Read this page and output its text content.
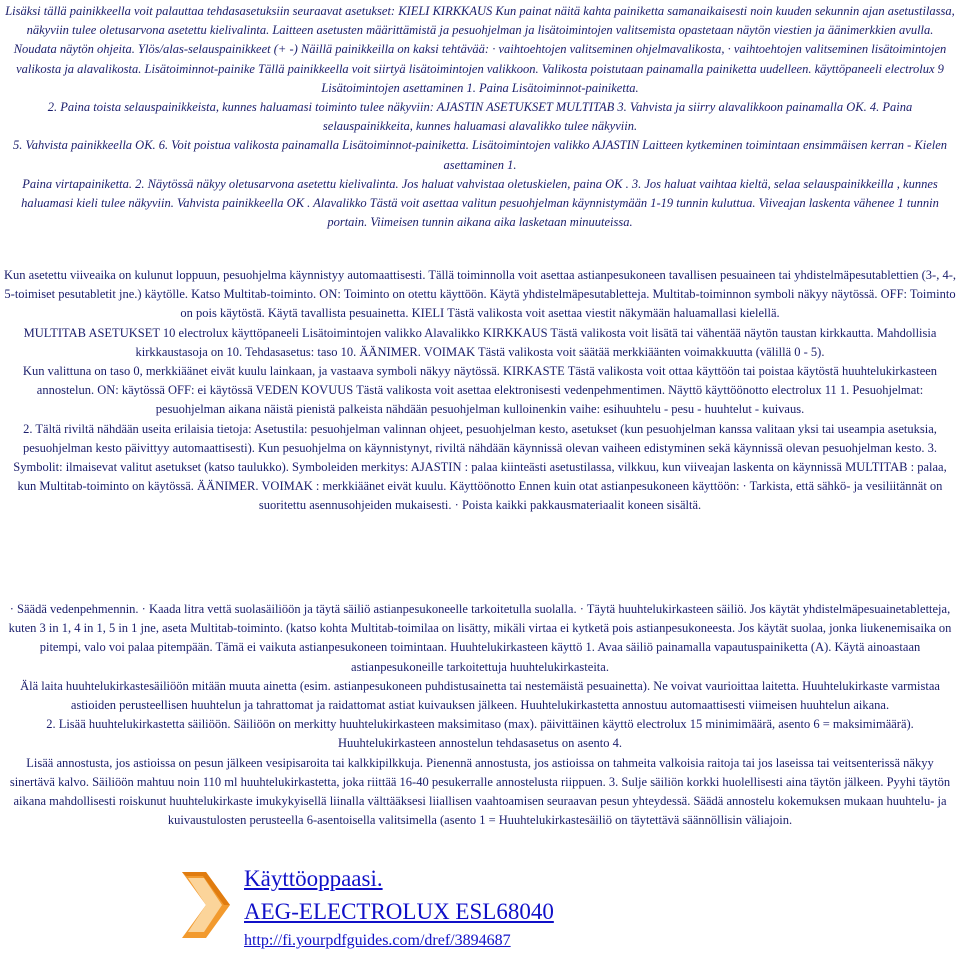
Lisäksi tällä painikkeella voit palauttaa tehdasasetuksiin seuraavat asetukset: KIELI KIRKKAUS Kun painat näitä kahta painiketta samanaikaisesti noin kuuden sekunnin ajan asetustilassa, näkyviin tulee oletusarvona asetettu kielivalinta. Laitteen asetusten määrittämistä ja pesuohjelman ja lisätoimintojen valitsemista opastetaan näytön viestien ja äänimerkkien avulla. Noudata näytön ohjeita. Ylös/alas-selauspainikkeet (+ -) Näillä painikkeilla on kaksi tehtävää: · vaihtoehtojen valitseminen ohjelmavalikosta, · vaihtoehtojen valitseminen lisätoimintojen valikosta ja alavalikosta. Lisätoiminnot-painike Tällä painikkeella voit siirtyä lisätoimintojen valikkoon. Valikosta poistutaan painamalla painiketta uudelleen. käyttöpaneeli electrolux 9 Lisätoimintojen asettaminen 1. Paina Lisätoiminnot-painiketta.

2. Paina toista selauspainikkeista, kunnes haluamasi toiminto tulee näkyviin: AJASTIN ASETUKSET MULTITAB 3. Vahvista ja siirry alavalikkoon painamalla OK. 4. Paina selauspainikkeita, kunnes haluamasi alavalikko tulee näkyviin.

5. Vahvista painikkeella OK. 6. Voit poistua valikosta painamalla Lisätoiminnot-painiketta. Lisätoimintojen valikko AJASTIN Laitteen kytkeminen toimintaan ensimmäisen kerran - Kielen asettaminen 1.

Paina virtapainiketta. 2. Näytössä näkyy oletusarvona asetettu kielivalinta. Jos haluat vahvistaa oletuskielen, paina OK . 3. Jos haluat vaihtaa kieltä, selaa selauspainikkeilla , kunnes haluamasi kieli tulee näkyviin. Vahvista painikkeella OK . Alavalikko Tästä voit asettaa valitun pesuohjelman käynnistymään 1-19 tunnin kuluttua. Viiveajan laskenta vähenee 1 tunnin portain. Viimeisen tunnin aikana aika lasketaan minuuteissa.

Kun asetettu viiveaika on kulunut loppuun, pesuohjelma käynnistyy automaattisesti. Tällä toiminnolla voit asettaa astianpesukoneen tavallisen pesuaineen tai yhdistelmäpesutablettien (3-, 4-, 5-toimiset pesutabletit jne.) käytölle. Katso Multitab-toiminto. ON: Toiminto on otettu käyttöön. Käytä yhdistelmäpesutabletteja. Multitab-toiminnon symboli näkyy näytössä. OFF: Toiminto on pois käytöstä. Käytä tavallista pesuainetta. KIELI Tästä valikosta voit asettaa viestit näkymään haluamallasi kielellä.

MULTITAB ASETUKSET 10 electrolux käyttöpaneeli Lisätoimintojen valikko Alavalikko KIRKKAUS Tästä valikosta voit lisätä tai vähentää näytön taustan kirkkautta. Mahdollisia kirkkaustasoja on 10. Tehdasasetus: taso 10. ÄÄNIMER. VOIMAK Tästä valikosta voit säätää merkkiäänten voimakkuutta (välillä 0 - 5).

Kun valittuna on taso 0, merkkiäänet eivät kuulu lainkaan, ja vastaava symboli näkyy näytössä. KIRKASTE Tästä valikosta voit ottaa käyttöön tai poistaa käytöstä huuhtelukirkasteen annostelun. ON: käytössä OFF: ei käytössä VEDEN KOVUUS Tästä valikosta voit asettaa elektronisesti vedenpehmentimen. Näyttö käyttöönotto electrolux 11 1. Pesuohjelmat: pesuohjelman aikana näistä pienistä palkeista nähdään pesuohjelman kulloinenkin vaihe: esihuuhtelu - pesu - huuhtelut - kuivaus.

2. Tältä riviltä nähdään useita erilaisia tietoja: Asetustila: pesuohjelman valinnan ohjeet, pesuohjelman kesto, asetukset (kun pesuohjelman kanssa valitaan yksi tai useampia asetuksia, pesuohjelman kesto päivittyy automaattisesti). Kun pesuohjelma on käynnistynyt, riviltä nähdään käynnissä olevan vaiheen edistyminen sekä käynnissä olevan pesuohjelman kesto. 3. Symbolit: ilmaisevat valitut asetukset (katso taulukko). Symboleiden merkitys: AJASTIN : palaa kiinteästi asetustilassa, vilkkuu, kun viiveajan laskenta on käynnissä MULTITAB : palaa, kun Multitab-toiminto on käytössä. ÄÄNIMER. VOIMAK : merkkiäänet eivät kuulu. Käyttöönotto Ennen kuin otat astianpesukoneen käyttöön: · Tarkista, että sähkö- ja vesiliitännät on suoritettu asennusohjeiden mukaisesti. · Poista kaikki pakkausmateriaalit koneen sisältä.

· Säädä vedenpehmennin. · Kaada litra vettä suolasäiliöön ja täytä säiliö astianpesukoneelle tarkoitetulla suolalla. · Täytä huuhtelukirkasteen säiliö. Jos käytät yhdistelmäpesuainetabletteja, kuten 3 in 1, 4 in 1, 5 in 1 jne, aseta Multitab-toiminto. (katso kohta Multitab-toimilaa on lisätty, mikäli virtaa ei kytketä pois astianpesukoneesta. Jos käytät suolaa, jonka liukenemisaika on pitempi, valo voi palaa pitempään. Tämä ei vaikuta astianpesukoneen toimintaan. Huuhtelukirkasteen käyttö 1. Avaa säiliö painamalla vapautuspainiketta (A). Käytä ainoastaan astianpesukoneille tarkoitettuja huuhtelukirkasteita.

Älä laita huuhtelukirkastesäiliöön mitään muuta ainetta (esim. astianpesukoneen puhdistusainetta tai nestemäistä pesuainetta). Ne voivat vaurioittaa laitetta. Huuhtelukirkaste varmistaa astioiden perusteellisen huuhtelun ja tahrattomat ja raidattomat astiat kuivauksen jälkeen. Huuhtelukirkastetta annostuu automaattisesti viimeisen huuhtelun aikana.

2. Lisää huuhtelukirkastetta säiliöön. Säiliöön on merkitty huuhtelukirkasteen maksimitaso (max). päivittäinen käyttö electrolux 15 minimimäärä, asento 6 = maksimimäärä). Huuhtelukirkasteen annostelun tehdasasetus on asento 4.

Lisää annostusta, jos astioissa on pesun jälkeen vesipisaroita tai kalkkipilkkuja. Pienennä annostusta, jos astioissa on tahmeita valkoisia raitoja tai jos laseissa tai veitsenterissä näkyy sinertävä kalvo. Säiliöön mahtuu noin 110 ml huuhtelukirkastetta, joka riittää 16-40 pesukerralle annostelusta riippuen. 3. Sulje säiliön korkki huolellisesti aina täytön jälkeen. Pyyhi täytön aikana mahdollisesti roiskunut huuhtelukirkaste imukykyisellä liinalla välttääksesi liiallisen vaahtoamisen seuraavan pesun yhteydessä. Säädä annostelu kokemuksen mukaan huuhtelu- ja kuivaustulosten perusteella 6-asentoisella valitsimella (asento 1 = Huuhtelukirkastesäiliö on täytettävä säännöllisin väliajoin.

Käyttöoppaasi.
AEG-ELECTROLUX ESL68040
http://fi.yourpdfguides.com/dref/3894687
